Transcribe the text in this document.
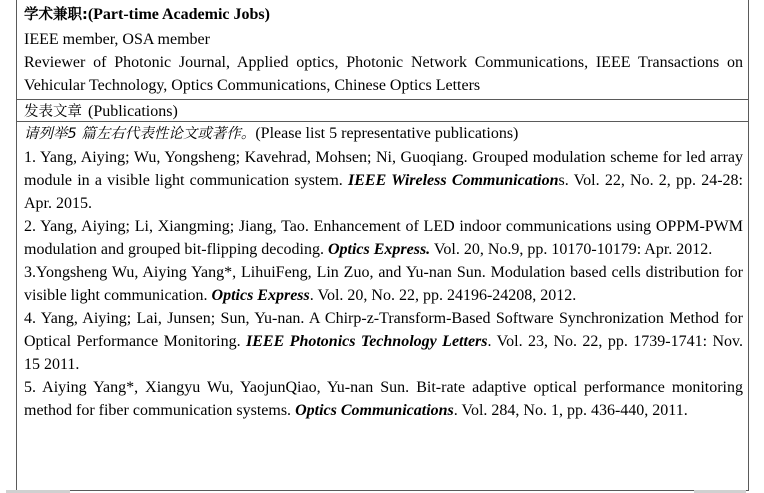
学术兼职:(Part-time Academic Jobs)
IEEE member, OSA member
Reviewer of Photonic Journal, Applied optics, Photonic Network Communications, IEEE Transactions on Vehicular Technology, Optics Communications, Chinese Optics Letters
发表文章 (Publications)
请列举5 篇左右代表性论文或著作。(Please list 5 representative publications)
1. Yang, Aiying; Wu, Yongsheng; Kavehrad, Mohsen; Ni, Guoqiang. Grouped modulation scheme for led array module in a visible light communication system. IEEE Wireless Communications. Vol. 22, No. 2, pp. 24-28: Apr. 2015.
2. Yang, Aiying; Li, Xiangming; Jiang, Tao. Enhancement of LED indoor communications using OPPM-PWM modulation and grouped bit-flipping decoding. Optics Express. Vol. 20, No.9, pp. 10170-10179: Apr. 2012.
3.Yongsheng Wu, Aiying Yang*, LihuiFeng, Lin Zuo, and Yu-nan Sun. Modulation based cells distribution for visible light communication. Optics Express. Vol. 20, No. 22, pp. 24196-24208, 2012.
4. Yang, Aiying; Lai, Junsen; Sun, Yu-nan. A Chirp-z-Transform-Based Software Synchronization Method for Optical Performance Monitoring. IEEE Photonics Technology Letters. Vol. 23, No. 22, pp. 1739-1741: Nov. 15 2011.
5. Aiying Yang*, Xiangyu Wu, YaojunQiao, Yu-nan Sun. Bit-rate adaptive optical performance monitoring method for fiber communication systems. Optics Communications. Vol. 284, No. 1, pp. 436-440, 2011.
